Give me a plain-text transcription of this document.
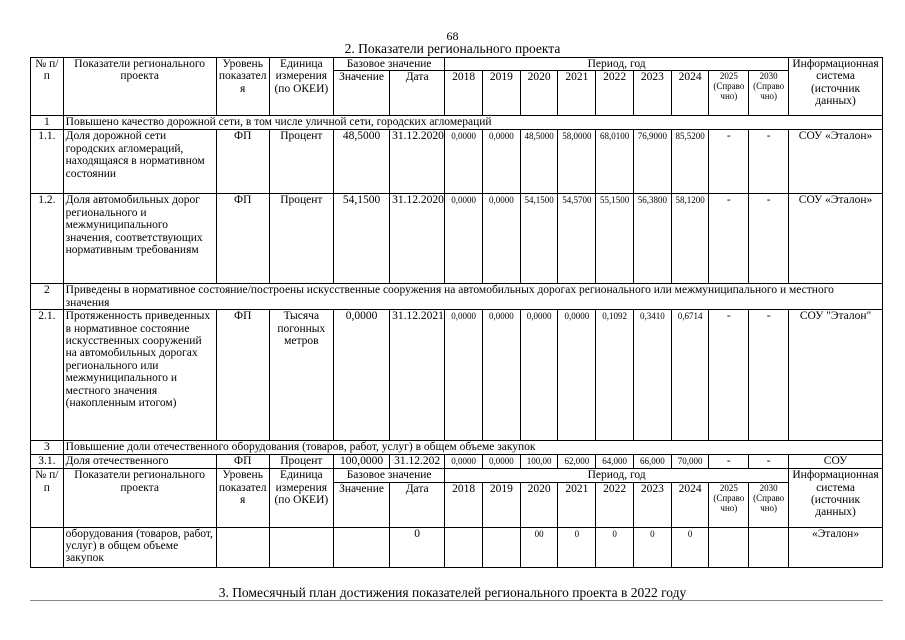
68
2. Показатели регионального проекта
№ п/п	Показатели регионального проекта	Уровень показател я	Единица измерения (по ОКЕИ)	Базовое значение		Период, год									Информационная система (источник данных)
				Значение	Дата	2018	2019	2020	2021	2022	2023	2024	2025 (Справо чно)	2030 (Справо чно)	
1	Повышено качество дорожной сети, в том числе уличной сети, городских агломераций														
1.1.	Доля дорожной сети городских агломераций, находящаяся в нормативном состоянии	ФП	Процент	48,5000	31.12.2020	0,0000	0,0000	48,5000	58,0000	68,0100	76,9000	85,5200	-	-	СОУ «Эталон»
1.2.	Доля автомобильных дорог регионального и межмуниципального значения, соответствующих нормативным требованиям	ФП	Процент	54,1500	31.12.2020	0,0000	0,0000	54,1500	54,5700	55,1500	56,3800	58,1200	-	-	СОУ «Эталон»
2	Приведены в нормативное состояние/построены искусственные сооружения на автомобильных дорогах регионального или межмуниципального и местного значения														
2.1.	Протяженность приведенных в нормативное состояние искусственных сооружений на автомобильных дорогах регионального или межмуниципального и местного значения (накопленным итогом)	ФП	Тысяча погонных метров	0,0000	31.12.2021	0,0000	0,0000	0,0000	0,0000	0,1092	0,3410	0,6714	-	-	СОУ "Эталон"
3	Повышение доли отечественного оборудования (товаров, работ, услуг) в общем объеме закупок														
3.1.	Доля отечественного	ФП	Процент	100,0000	31.12.202	0,0000	0,0000	100,00	62,000	64,000	66,000	70,000	-	-	СОУ
№ п/п	Показатели регионального проекта	Уровень показател я	Единица измерения (по ОКЕИ)	Базовое значение		Период, год									Информационная система (источник данных)
				Значение	Дата	2018	2019	2020	2021	2022	2023	2024	2025 (Справо чно)	2030 (Справо чно)	
	оборудования (товаров, работ, услуг) в общем объеме закупок				0			00	0	0	0	0			«Эталон»
3. Помесячный план достижения показателей регионального проекта в 2022 году
